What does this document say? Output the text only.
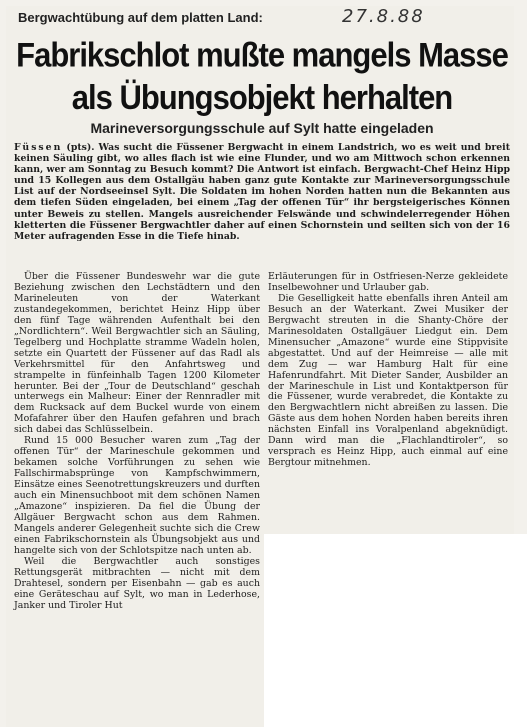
Bergwachtübung auf dem platten Land:	27.8.88
Fabrikschlot mußte mangels Masse als Übungsobjekt herhalten
Marineversorgungsschule auf Sylt hatte eingeladen

Füssen (pts). Was sucht die Füssener Bergwacht in einem Landstrich, wo es weit und breit keinen Säuling gibt, wo alles flach ist wie eine Flunder, und wo am Mittwoch schon erkennen kann, wer am Sonntag zu Besuch kommt? Die Antwort ist einfach. Bergwacht-Chef Heinz Hipp und 15 Kollegen aus dem Ostallgäu haben ganz gute Kontakte zur Marineversorgungsschule List auf der Nordseeinsel Sylt. Die Soldaten im hohen Norden hatten nun die Bekannten aus dem tiefen Süden eingeladen, bei einem „Tag der offenen Tür“ ihr bergsteigerisches Können unter Beweis zu stellen. Mangels ausreichender Felswände und schwindelerregender Höhen kletterten die Füssener Bergwachtler daher auf einen Schornstein und seilten sich von der 16 Meter aufragenden Esse in die Tiefe hinab.

Über die Füssener Bundeswehr war die gute Beziehung zwischen den Lechstädtern und den Marineleuten von der Waterkant zustandegekommen, berichtet Heinz Hipp über den fünf Tage währenden Aufenthalt bei den „Nordlichtern“. Weil Bergwachtler sich an Säuling, Tegelberg und Hochplatte stramme Wadeln holen, setzte ein Quartett der Füssener auf das Radl als Verkehrsmittel für den Anfahrtsweg und strampelte in fünfeinhalb Tagen 1200 Kilometer herunter. Bei der „Tour de Deutschland“ geschah unterwegs ein Malheur: Einer der Rennradler mit dem Rucksack auf dem Buckel wurde von einem Mofafahrer über den Haufen gefahren und brach sich dabei das Schlüsselbein.

Rund 15 000 Besucher waren zum „Tag der offenen Tür“ der Marineschule gekommen und bekamen solche Vorführungen zu sehen wie Fallschirmabsprünge von Kampfschwimmern, Einsätze eines Seenotrettungskreuzers und durften auch ein Minensuchboot mit dem schönen Namen „Amazone“ inspizieren. Da fiel die Übung der Allgäuer Bergwacht schon aus dem Rahmen. Mangels anderer Gelegenheit suchte sich die Crew einen Fabrikschornstein als Übungsobjekt aus und hangelte sich von der Schlotspitze nach unten ab.

Weil die Bergwachtler auch sonstiges Rettungsgerät mitbrachten — nicht mit dem Drahtesel, sondern per Eisenbahn — gab es auch eine Geräteschau auf Sylt, wo man in Lederhose, Janker und Tiroler Hut

Erläuterungen für in Ostfriesen-Nerze gekleidete Inselbewohner und Urlauber gab.

Die Geselligkeit hatte ebenfalls ihren Anteil am Besuch an der Waterkant. Zwei Musiker der Bergwacht streuten in die Shanty-Chöre der Marinesoldaten Ostallgäuer Liedgut ein. Dem Minensucher „Amazone“ wurde eine Stippvisite abgestattet. Und auf der Heimreise — alle mit dem Zug — war Hamburg Halt für eine Hafenrundfahrt. Mit Dieter Sander, Ausbilder an der Marineschule in List und Kontaktperson für die Füssener, wurde verabredet, die Kontakte zu den Bergwachtlern nicht abreißen zu lassen. Die Gäste aus dem hohen Norden haben bereits ihren nächsten Einfall ins Voralpenland abgeknüdigt. Dann wird man die „Flachlandtiroler“, so versprach es Heinz Hipp, auch einmal auf eine Bergtour mitnehmen.
